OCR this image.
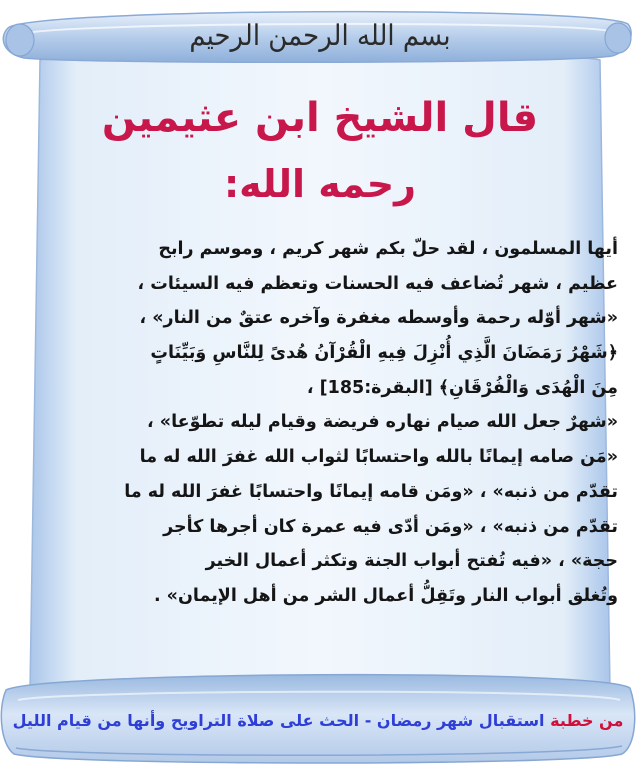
بسم الله الرحمن الرحيم
قال الشيخ ابن عثيمين
رحمه الله:
أيها المسلمون ، لقد حلّ بكم شهر كريم ، وموسم رابح
عظيم ، شهر تُضاعف فيه الحسنات وتعظم فيه السيئات ،
«شهر أوّله رحمة وأوسطه مغفرة وآخره عتقٌ من النار» ،
﴿شَهْرُ رَمَضَانَ الَّذِي أُنْزِلَ فِيهِ الْقُرْآنُ هُدىً لِلنَّاسِ وَبَيِّنَاتٍ
مِنَ الْهُدَى وَالْفُرْقَانِ﴾ [البقرة:185] ،
«شهرٌ جعل الله صيام نهاره فريضة وقيام ليله تطوّعا» ،
«مَن صامه إيمانًا بالله واحتسابًا لثواب الله غفرَ الله له ما
تقدّم من ذنبه» ، «ومَن قامه إيمانًا واحتسابًا غفرَ الله له ما
تقدّم من ذنبه» ، «ومَن أدّى فيه عمرة كان أجرها كأجر
حجة» ، «فيه تُفتح أبواب الجنة وتكثر أعمال الخير
وتُغلق أبواب النار وتَقِلُّ أعمال الشر من أهل الإيمان» .
من خطبة استقبال شهر رمضان - الحث على صلاة التراويح وأنها من قيام الليل
